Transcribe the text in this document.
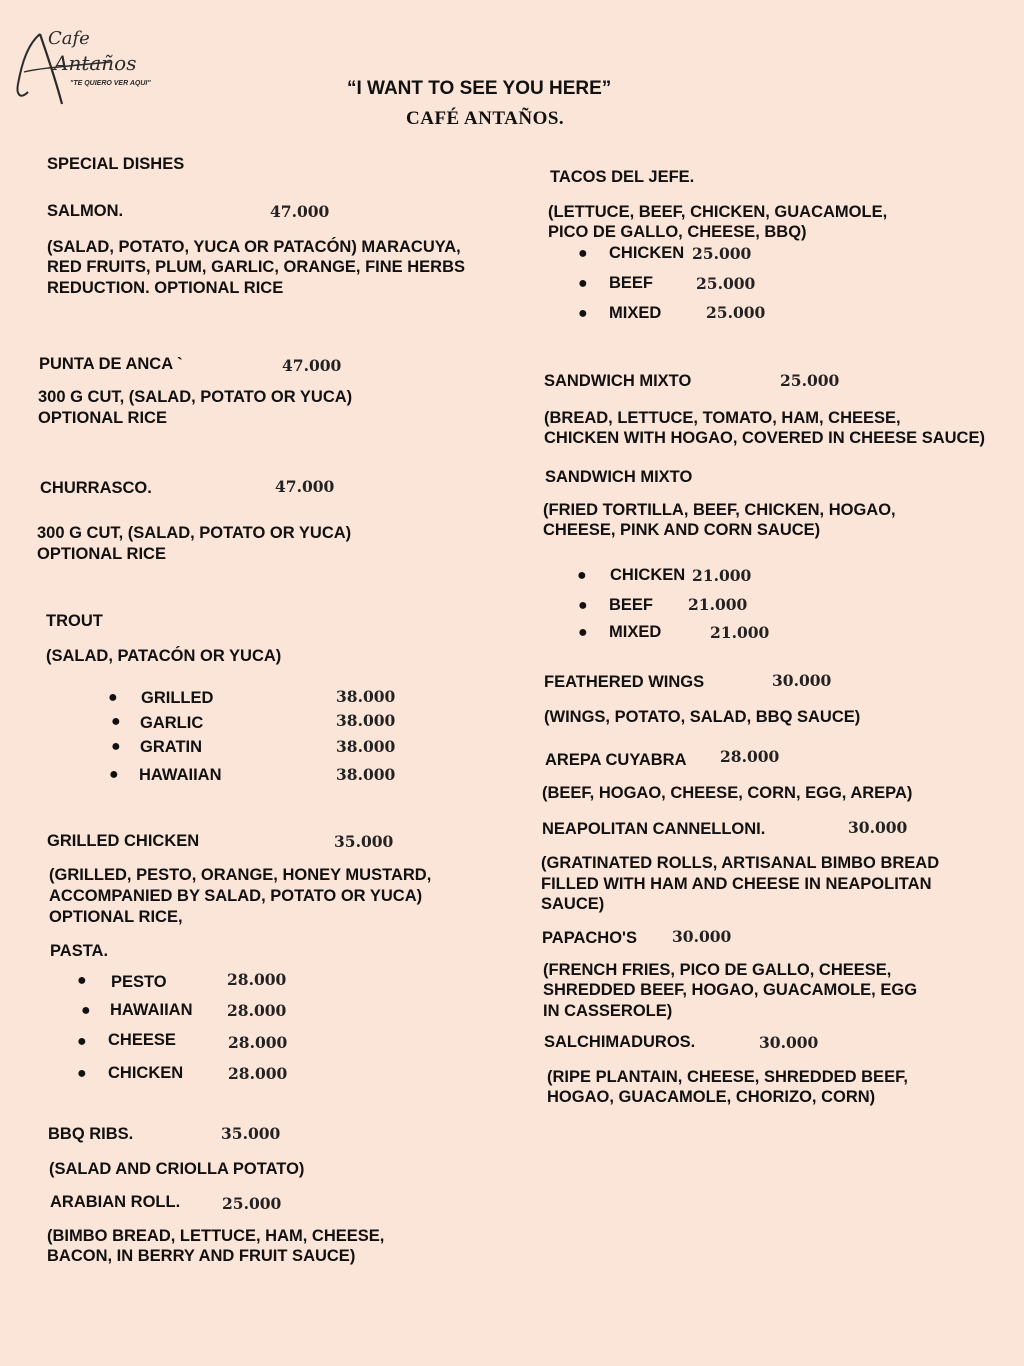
Cafe
Antaños
"TE QUIERO VER AQUI"	“I WANT TO SEE YOU HERE”
CAFÉ ANTAÑOS.
SPECIAL DISHES
SALMON.	47.000
(SALAD, POTATO, YUCA OR PATACÓN) MARACUYA,
RED FRUITS, PLUM, GARLIC, ORANGE, FINE HERBS
REDUCTION. OPTIONAL RICE
PUNTA DE ANCA `	47.000
300 G CUT, (SALAD, POTATO OR YUCA)
OPTIONAL RICE
CHURRASCO.	47.000
300 G CUT, (SALAD, POTATO OR YUCA)
OPTIONAL RICE
TROUT
(SALAD, PATACÓN OR YUCA)
● GRILLED	38.000
● GARLIC	38.000
● GRATIN	38.000
● HAWAIIAN	38.000
GRILLED CHICKEN	35.000
(GRILLED, PESTO, ORANGE, HONEY MUSTARD,
ACCOMPANIED BY SALAD, POTATO OR YUCA)
OPTIONAL RICE,
PASTA.
● PESTO	28.000
● HAWAIIAN 28.000
● CHEESE	28.000
● CHICKEN	28.000
BBQ RIBS.	35.000
(SALAD AND CRIOLLA POTATO)
ARABIAN ROLL.	25.000
(BIMBO BREAD, LETTUCE, HAM, CHEESE,
BACON, IN BERRY AND FRUIT SAUCE)
TACOS DEL JEFE.
(LETTUCE, BEEF, CHICKEN, GUACAMOLE,
PICO DE GALLO, CHEESE, BBQ)
● CHICKEN 25.000
● BEEF	25.000
● MIXED	25.000
SANDWICH MIXTO	25.000
(BREAD, LETTUCE, TOMATO, HAM, CHEESE,
CHICKEN WITH HOGAO, COVERED IN CHEESE SAUCE)
SANDWICH MIXTO
(FRIED TORTILLA, BEEF, CHICKEN, HOGAO,
CHEESE, PINK AND CORN SAUCE)
● CHICKEN 21.000
● BEEF 21.000
● MIXED	21.000
FEATHERED WINGS	30.000
(WINGS, POTATO, SALAD, BBQ SAUCE)
AREPA CUYABRA 28.000
(BEEF, HOGAO, CHEESE, CORN, EGG, AREPA)
NEAPOLITAN CANNELLONI.	30.000
(GRATINATED ROLLS, ARTISANAL BIMBO BREAD
FILLED WITH HAM AND CHEESE IN NEAPOLITAN
SAUCE)
PAPACHO'S 30.000
(FRENCH FRIES, PICO DE GALLO, CHEESE,
SHREDDED BEEF, HOGAO, GUACAMOLE, EGG
IN CASSEROLE)
SALCHIMADUROS.	30.000
(RIPE PLANTAIN, CHEESE, SHREDDED BEEF,
HOGAO, GUACAMOLE, CHORIZO, CORN)
